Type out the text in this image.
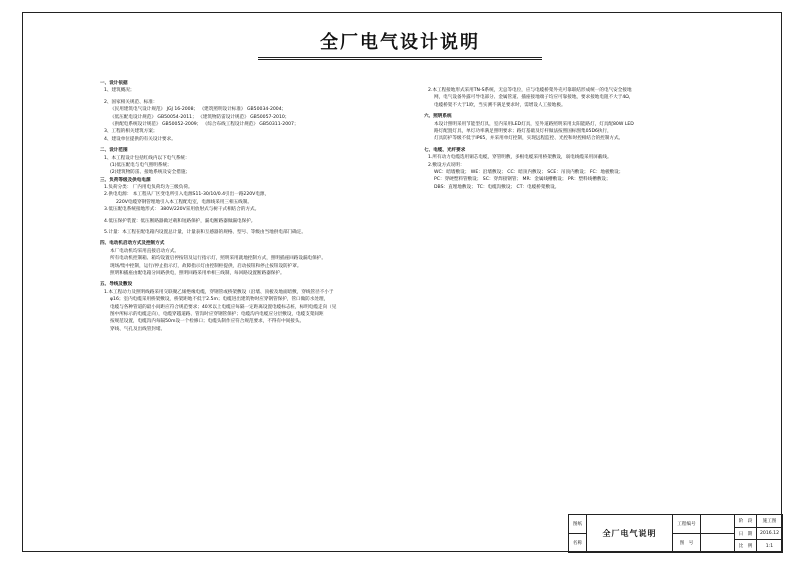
全厂电气设计说明
一、设计依据
1、建筑概况；
2、国家相关规范、标准：
《民用建筑电气设计规范》 JGJ 16-2008； 《建筑照明设计标准》 GB50034-2004；
《低压配电设计规范》 GB50054-2011； 《建筑物防雷设计规范》 GB50057-2010；
《供配电系统设计规范》 GB50052-2009； 《综合布线工程设计规范》 GB50311-2007；
3、工程的相关建筑方案；
4、建设单位提供的有关设计要求。
二、设计范围
1、本工程设计包括红线内以下电气系统：
(1)低压配电与电气照明系统；
(2)建筑物防雷、接地系统及安全措施；
三、负荷等级及供电电源
1.负荷分类： 厂内用电负荷均为三级负荷。
2.供电电源： 本工程从厂区变电所引入电源S11-30/10/0.4引出一路220V电源，
220V电缆穿钢管埋地引入本工程配电室，电源线采用三相五线制。
3.低压配电系统接地形式： 380V/220V采用放射式与树干式相结合的方式。
4.低压保护装置：低压断路器做过载和短路保护，漏电断路器做漏电保护。
5.计量：本工程在配电箱内设置总计量，计量表和互感器的规格、型号、等级由当地供电部门确定。
四、电动机启动方式及控制方式
本厂电动机均采用直接启动方式。
所有电动机控制箱、箱均设置启停按钮及运行指示灯，照明采用就地控制方式，照明插座回路设漏电保护。
现场/集中控制，运行/停止指示灯，故障指示灯由控制柜提供，启动按钮和停止按钮设防护罩。
照明和插座由配电箱分回路供电，照明回路采用单相三线制，每回路设置断路器保护。
五、导线及敷设
1.本工程动力及照明线路采用交联聚乙烯绝缘电缆，穿钢管或桥架敷设（沿墙、顶板及地面暗敷，穿线管径不小于
φ16；室内电缆采用桥架敷设，桥架距地不低于2.5m；电缆进出建筑物时应穿钢管保护，管口做防水处理，
电缆与各种管道的最小间距应符合规范要求；40米以上电缆应每隔一定距离设置电缆标志桩，标明电缆走向（见
图中所标示的电缆走向），电缆穿越道路、管沟时应穿钢管保护；电缆沟内电缆应分层敷设，电缆支架间距
按规范设置，电缆沟内每隔50m设一个检修口；电缆头制作应符合规范要求，不得有中间接头。
穿线、气孔及出线管封堵。
2.本工程接地形式采用TN-S系统，无总等电位，应与电缆桥架外壳可靠联结形成统一的电气安全接地
网，电气设备外露可导电部分、金属管道、插座接地端子均应可靠接地，要求接地电阻不大于4Ω，
电缆桥架不大于1欧，当实测不满足要求时，需增设人工接地极。
六、照明系统
本设计照明采用节能型灯具，室内采用LED灯具，室外道路照明采用太阳能路灯，灯具配80W LED
路灯配置灯具，单灯功率满足照明要求；路灯基础及灯杆做法按照国标图集05D6执行，
灯具防护等级不低于IP65，并采用单灯控制，实现远程监控、光控和时控相结合的控制方式。
七、电缆、光纤要求
1.所有动力电缆选用铜芯电缆，穿管明敷，多根电缆采用桥架敷设，弱电线缆采用屏蔽线。
2.敷设方式说明：
WC：暗墙敷设； WE：沿墙敷设； CC：暗顶内敷设； SCE：吊顶内敷设； FC：地板敷设；
PC：穿硬塑料管敷设； SC：穿焊接钢管； MR：金属线槽敷设； PR：塑料线槽敷设；
DBS：直埋地敷设； TC：电缆沟敷设； CT：电缆桥架敷设。
图纸
名称
全厂电气说明
工程编号
图　号
阶　段	施工图
日　期	2016.12
比　例	1:1
